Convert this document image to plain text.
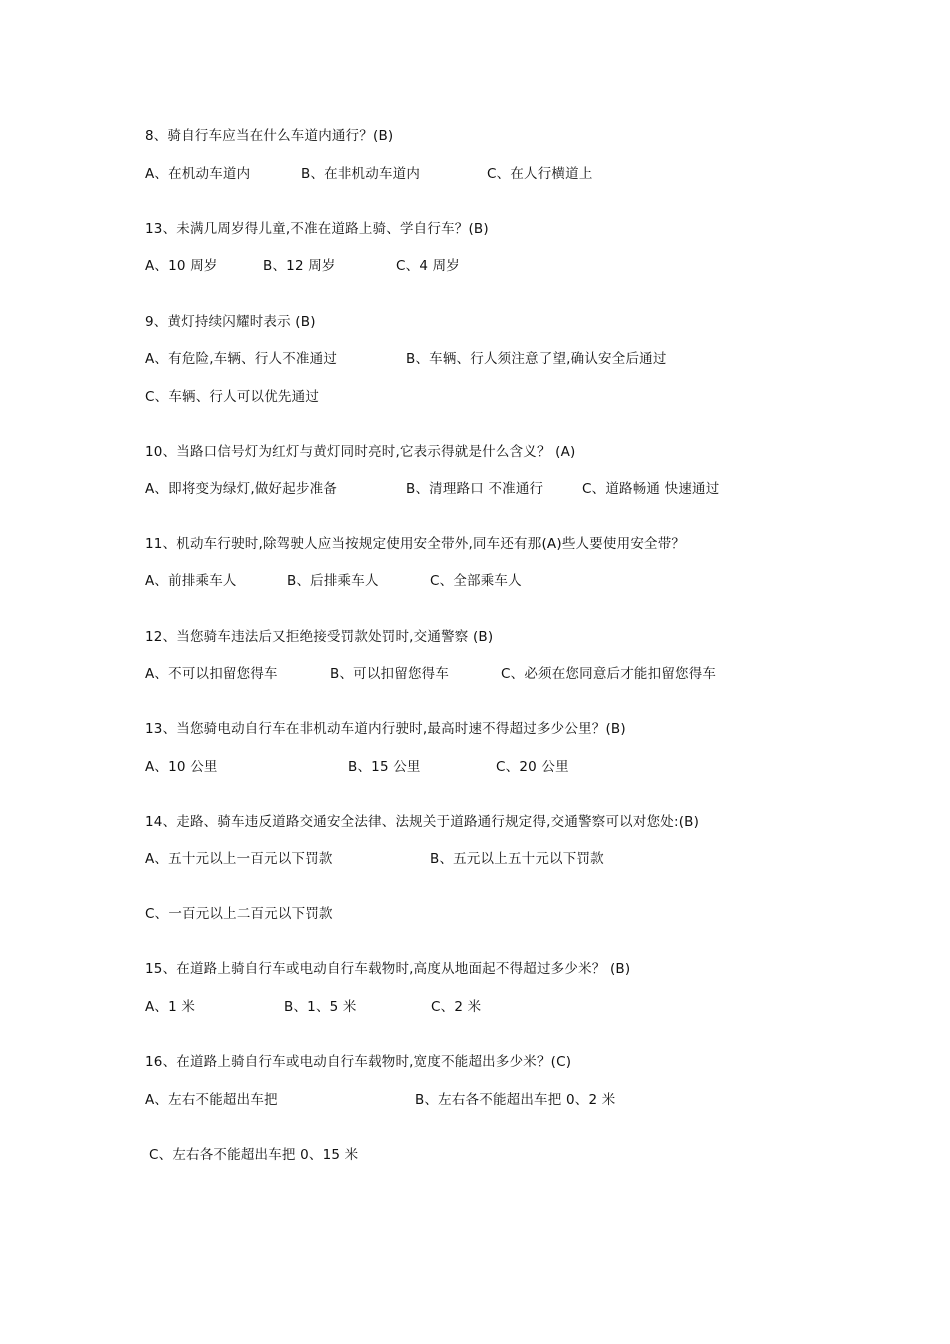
8、骑自行车应当在什么车道内通行？(B)
A、在机动车道内	B、在非机动车道内	C、在人行横道上
13、未满几周岁得儿童,不准在道路上骑、学自行车？(B)
A、10 周岁	B、12 周岁	C、4 周岁
9、黄灯持续闪耀时表示 (B)
A、有危险,车辆、行人不准通过	B、车辆、行人须注意了望,确认安全后通过
C、车辆、行人可以优先通过
10、当路口信号灯为红灯与黄灯同时亮时,它表示得就是什么含义？ (A)
A、即将变为绿灯,做好起步准备	B、清理路口 不准通行	C、道路畅通 快速通过
11、机动车行驶时,除驾驶人应当按规定使用安全带外,同车还有那(A)些人要使用安全带？
A、前排乘车人	B、后排乘车人	C、全部乘车人
12、当您骑车违法后又拒绝接受罚款处罚时,交通警察 (B)
A、不可以扣留您得车	B、可以扣留您得车	C、必须在您同意后才能扣留您得车
13、当您骑电动自行车在非机动车道内行驶时,最高时速不得超过多少公里？(B)
A、10 公里	B、15 公里	C、20 公里
14、走路、骑车违反道路交通安全法律、法规关于道路通行规定得,交通警察可以对您处:(B)
A、五十元以上一百元以下罚款	B、五元以上五十元以下罚款
C、一百元以上二百元以下罚款
15、在道路上骑自行车或电动自行车载物时,高度从地面起不得超过多少米？ (B)
A、1 米	B、1、5 米	C、2 米
16、在道路上骑自行车或电动自行车载物时,宽度不能超出多少米？(C)
A、左右不能超出车把	B、左右各不能超出车把 0、2 米
C、左右各不能超出车把 0、15 米
